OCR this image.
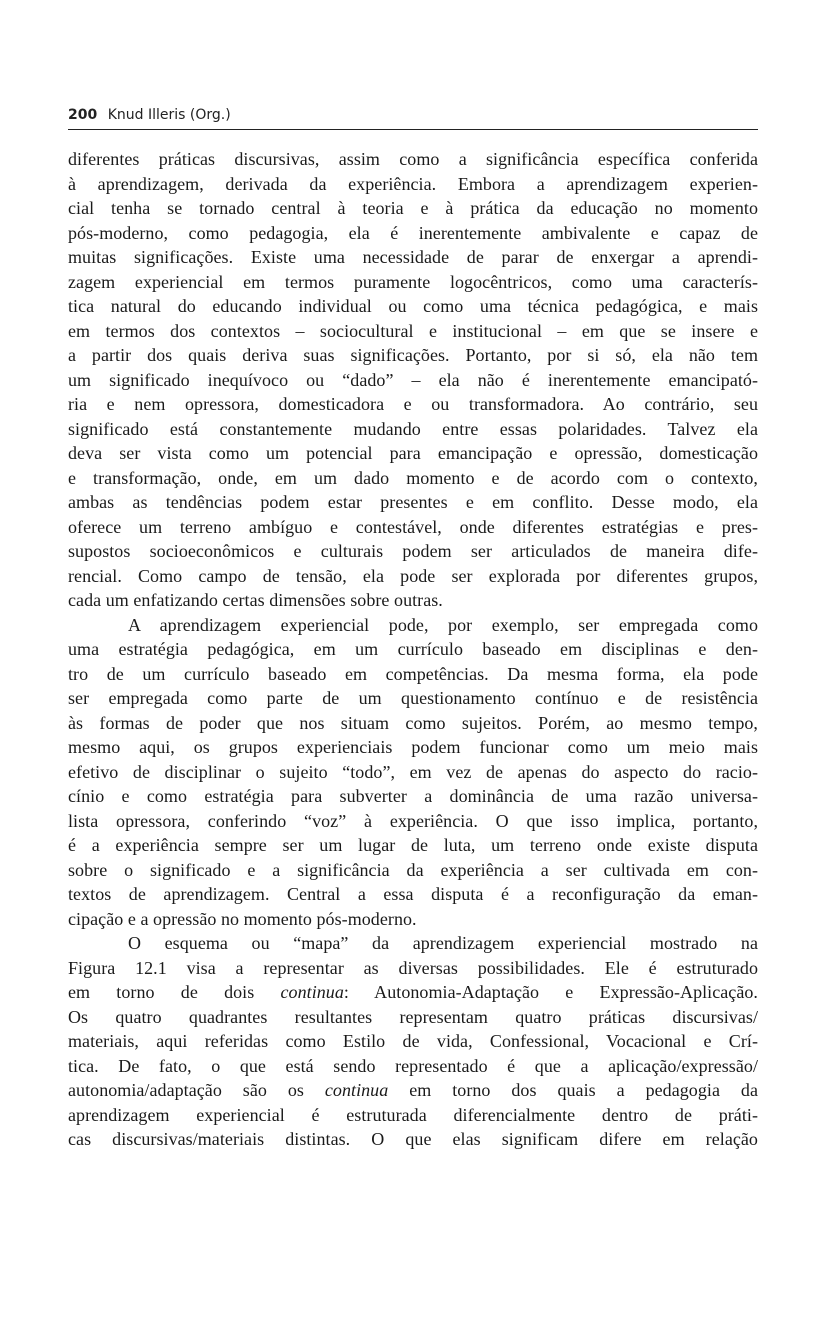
200 Knud Illeris (Org.)
diferentes práticas discursivas, assim como a significância específica conferida
à aprendizagem, derivada da experiência. Embora a aprendizagem experien-
cial tenha se tornado central à teoria e à prática da educação no momento
pós-moderno, como pedagogia, ela é inerentemente ambivalente e capaz de
muitas significações. Existe uma necessidade de parar de enxergar a aprendi-
zagem experiencial em termos puramente logocêntricos, como uma caracterís-
tica natural do educando individual ou como uma técnica pedagógica, e mais
em termos dos contextos – sociocultural e institucional – em que se insere e
a partir dos quais deriva suas significações. Portanto, por si só, ela não tem
um significado inequívoco ou “dado” – ela não é inerentemente emancipató-
ria e nem opressora, domesticadora e ou transformadora. Ao contrário, seu
significado está constantemente mudando entre essas polaridades. Talvez ela
deva ser vista como um potencial para emancipação e opressão, domesticação
e transformação, onde, em um dado momento e de acordo com o contexto,
ambas as tendências podem estar presentes e em conflito. Desse modo, ela
oferece um terreno ambíguo e contestável, onde diferentes estratégias e pres-
supostos socioeconômicos e culturais podem ser articulados de maneira dife-
rencial. Como campo de tensão, ela pode ser explorada por diferentes grupos,
cada um enfatizando certas dimensões sobre outras.
A aprendizagem experiencial pode, por exemplo, ser empregada como
uma estratégia pedagógica, em um currículo baseado em disciplinas e den-
tro de um currículo baseado em competências. Da mesma forma, ela pode
ser empregada como parte de um questionamento contínuo e de resistência
às formas de poder que nos situam como sujeitos. Porém, ao mesmo tempo,
mesmo aqui, os grupos experienciais podem funcionar como um meio mais
efetivo de disciplinar o sujeito “todo”, em vez de apenas do aspecto do racio-
cínio e como estratégia para subverter a dominância de uma razão universa-
lista opressora, conferindo “voz” à experiência. O que isso implica, portanto,
é a experiência sempre ser um lugar de luta, um terreno onde existe disputa
sobre o significado e a significância da experiência a ser cultivada em con-
textos de aprendizagem. Central a essa disputa é a reconfiguração da eman-
cipação e a opressão no momento pós-moderno.
O esquema ou “mapa” da aprendizagem experiencial mostrado na
Figura 12.1 visa a representar as diversas possibilidades. Ele é estruturado
em torno de dois continua: Autonomia-Adaptação e Expressão-Aplicação.
Os quatro quadrantes resultantes representam quatro práticas discursivas/
materiais, aqui referidas como Estilo de vida, Confessional, Vocacional e Crí-
tica. De fato, o que está sendo representado é que a aplicação/expressão/
autonomia/adaptação são os continua em torno dos quais a pedagogia da
aprendizagem experiencial é estruturada diferencialmente dentro de práti-
cas discursivas/materiais distintas. O que elas significam difere em relação
